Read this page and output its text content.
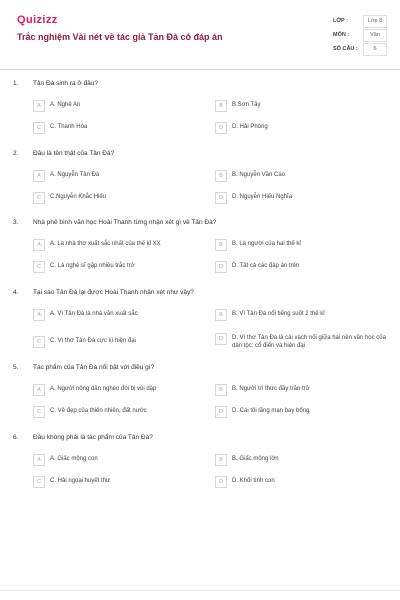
Quizizz
Trắc nghiệm Vài nét về tác giả Tản Đà có đáp án
LỚP :	Lớp 8
MÔN :	Văn
SỐ CÂU :	6
1. Tản Đà sinh ra ở đâu?
A	A. Nghệ An	B	B.Sơn Tây
C	C. Thanh Hóa	D	D. Hải Phòng
2. Đâu là tên thật của Tản Đà?
A	A. Nguyễn Tản Đà	B	B. Nguyễn Văn Cao
C	C.Nguyễn Khắc Hiếu	D	D. Nguyễn Hiếu Nghĩa
3. Nhà phê bình văn học Hoài Thanh từng nhận xét gì về Tản Đà?
A	A. Là nhà thơ xuất sắc nhất của thế kỉ XX	B	B. Là người của hai thế kỉ
C	C. Là nghệ sĩ gặp nhiều trắc trở	D	D. Tất cả các đáp án trên
4. Tại sao Tản Đà lại được Hoài Thanh nhận xét như vậy?
A	A. Vì Tản Đà là nhà văn xuất sắc	B	B. Vì Tản Đà nổi tiếng suốt 2 thế kỉ
C	C. Vì thơ Tản Đà cực kì hiện đại	D	D. Vì thơ Tản Đà là cái vạch nối giữa hai nền văn học của dân tộc: cổ điển và hiện đại
5. Tác phẩm của Tản Đà nổi bật với điều gì?
A	A. Người nông dân nghèo đói bị vùi dập	B	B. Người trí thức đầy trăn trở
C	C. Vẻ đẹp của thiên nhiên, đất nước	D	D. Cái tôi lãng mạn bay bổng
6. Đâu không phải là tác phẩm của Tản Đà?
A	A. Giấc mộng con	B	B. Giấc mộng lớn
C	C. Hải ngoại huyết thư	D	D. Khối tình con
